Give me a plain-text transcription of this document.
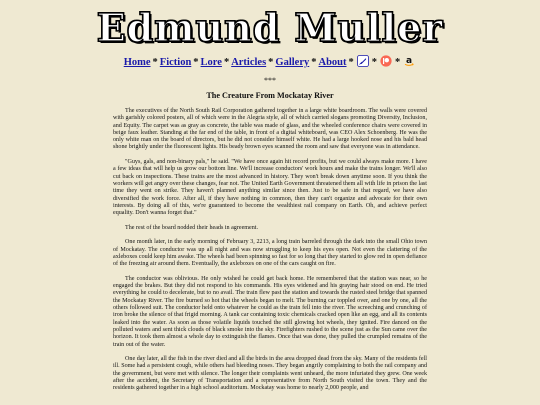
Edmund Muller
Home * Fiction * Lore * Articles * Gallery * About * * * a
***
The Creature From Mockatay River

The executives of the North South Rail Corporation gathered together in a large white boardroom. The walls were covered with garishly colored posters, all of which were in the Alegria style, all of which carried slogans promoting Diversity, Inclusion, and Equity. The carpet was as gray as concrete, the table was made of glass, and the wheeled conference chairs were covered in beige faux leather. Standing at the far end of the table, in front of a digital whiteboard, was CEO Alex Schoenberg. He was the only white man on the board of directors, but he did not consider himself white. He had a large hooked nose and his bald head shone brightly under the fluorescent lights. His beady brown eyes scanned the room and saw that everyone was in attendance.

"Guys, gals, and non-binary pals," he said. "We have once again hit record profits, but we could always make more. I have a few ideas that will help us grow our bottom line. We'll increase conductors' work hours and make the trains longer. We'll also cut back on inspections. These trains are the most advanced in history. They won't break down anytime soon. If you think the workers will get angry over these changes, fear not. The United Earth Government threatened them all with life in prison the last time they went on strike. They haven't planned anything similar since then. Just to be safe in that regard, we have also diversified the work force. After all, if they have nothing in common, then they can't organize and advocate for their own interests. By doing all of this, we're guaranteed to become the wealthiest rail company on Earth. Oh, and achieve perfect equality. Don't wanna forget that."

The rest of the board nodded their heads in agreement.

One month later, in the early morning of February 3, 2213, a long train barreled through the dark into the small Ohio town of Mockatay. The conductor was up all night and was now struggling to keep his eyes open. Not even the clattering of the axleboxes could keep him awake. The wheels had been spinning so fast for so long that they started to glow red in open defiance of the freezing air around them. Eventually, the axleboxes on one of the cars caught on fire.

The conductor was oblivious. He only wished he could get back home. He remembered that the station was near, so he engaged the brakes. But they did not respond to his commands. His eyes widened and his graying hair stood on end. He tried everything he could to decelerate, but to no avail. The train flew past the station and towards the rusted steel bridge that spanned the Mockatay River. The fire burned so hot that the wheels began to melt. The burning car toppled over, and one by one, all the others followed suit. The conductor held onto whatever he could as the train fell into the river. The screeching and crunching of iron broke the silence of that frigid morning. A tank car containing toxic chemicals cracked open like an egg, and all its contents leaked into the water. As soon as those volatile liquids touched the still glowing hot wheels, they ignited. Fire danced on the polluted waters and sent thick clouds of black smoke into the sky. Firefighters rushed to the scene just as the Sun came over the horizon. It took them almost a whole day to extinguish the flames. Once that was done, they pulled the crumpled remains of the train out of the water.

One day later, all the fish in the river died and all the birds in the area dropped dead from the sky. Many of the residents fell ill. Some had a persistent cough, while others had bleeding noses. They began angrily complaining to both the rail company and the government, but were met with silence. The longer their complaints went unheard, the more infuriated they grew. One week after the accident, the Secretary of Transportation and a representative from North South visited the town. They and the residents gathered together in a high school auditorium. Mockatay was home to nearly 2,000 people, and
